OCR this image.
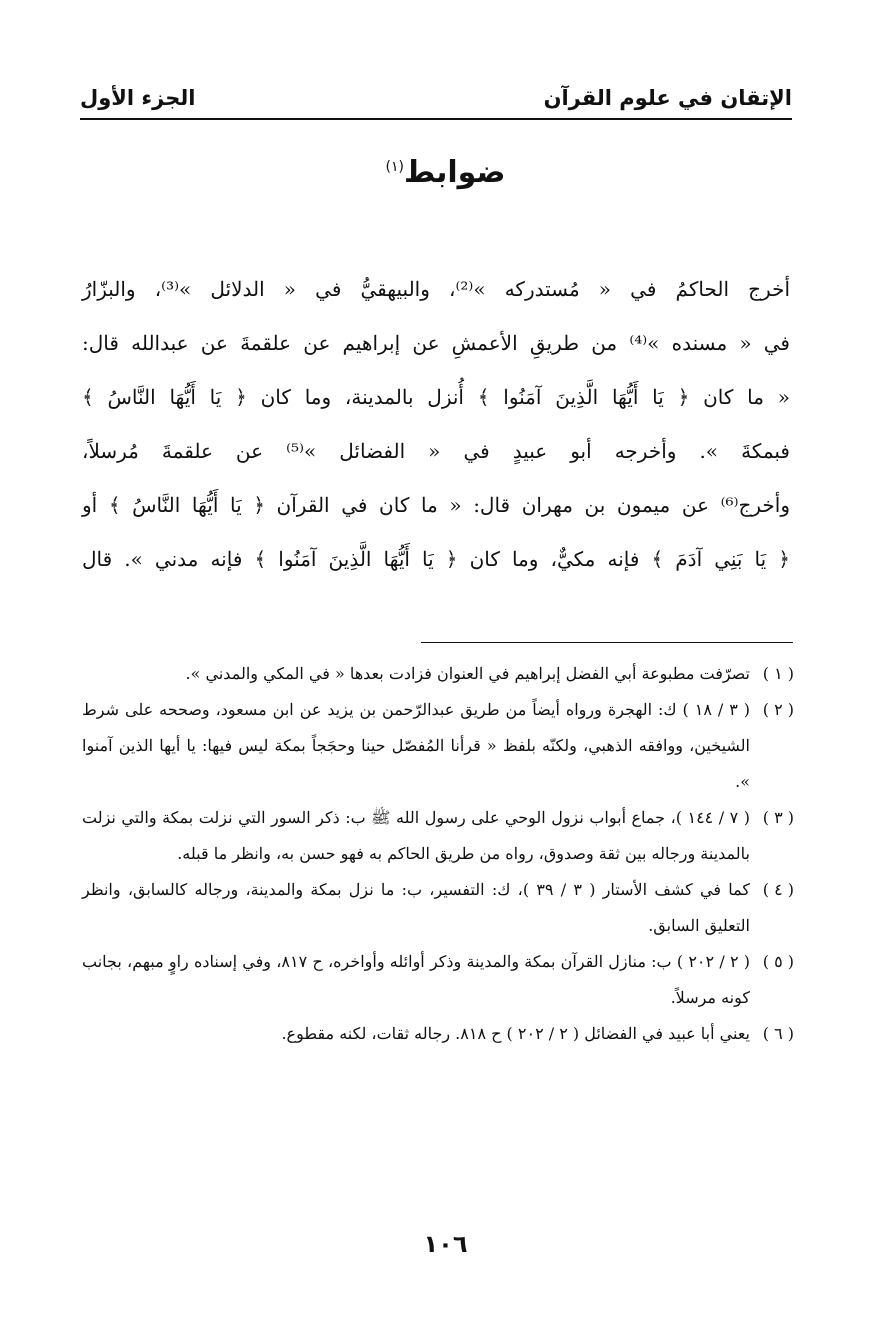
الإتقان في علوم القرآن
الجزء الأول
ضوابط$^{(١)}$

أخرج الحاكمُ في « مُستدركه »⁽²⁾، والبيهقيُّ في « الدلائل »⁽³⁾، والبزّارُ

في « مسنده »⁽⁴⁾ من طريقِ الأعمشِ عن إبراهيم عن علقمةَ عن عبدالله قال:

« ما كان ﴿ يَا أَيُّهَا الَّذِينَ آمَنُوا ﴾ أُنزل بالمدينة، وما كان ﴿ يَا أَيُّهَا النَّاسُ ﴾

فبمكةَ ». وأخرجه أبو عبيدٍ في « الفضائل »⁽⁵⁾ عن علقمةَ مُرسلاً،

وأخرج⁽⁶⁾ عن ميمون بن مهران قال: « ما كان في القرآن ﴿ يَا أَيُّهَا النَّاسُ ﴾ أو

﴿ يَا بَنِي آدَمَ ﴾ فإنه مكيٌّ، وما كان ﴿ يَا أَيُّهَا الَّذِينَ آمَنُوا ﴾ فإنه مدني ». قال

( ١ )تصرّفت مطبوعة أبي الفضل إبراهيم في العنوان فزادت بعدها « في المكي والمدني ».

( ٢ )( ٣ / ١٨ ) ك: الهجرة ورواه أيضاً من طريق عبدالرّحمن بن يزيد عن ابن مسعود، وصححه على شرط الشيخين، ووافقه الذهبي، ولكنّه بلفظ « قرأنا المُفصّل حينا وحجَجاً بمكة ليس فيها: يا أيها الذين آمنوا ».

( ٣ )( ٧ / ١٤٤ )، جماع أبواب نزول الوحي على رسول الله ﷺ ب: ذكر السور التي نزلت بمكة والتي نزلت بالمدينة ورجاله بين ثقة وصدوق، رواه من طريق الحاكم به فهو حسن به، وانظر ما قبله.

( ٤ )كما في كشف الأستار ( ٣ / ٣٩ )، ك: التفسير، ب: ما نزل بمكة والمدينة، ورجاله كالسابق، وانظر التعليق السابق.

( ٥ )( ٢ / ٢٠٢ ) ب: منازل القرآن بمكة والمدينة وذكر أوائله وأواخره، ح ٨١٧، وفي إسناده راوٍ مبهم، بجانب كونه مرسلاً.

( ٦ )يعني أبا عبيد في الفضائل ( ٢ / ٢٠٢ ) ح ٨١٨. رجاله ثقات، لكنه مقطوع.

١٠٦
